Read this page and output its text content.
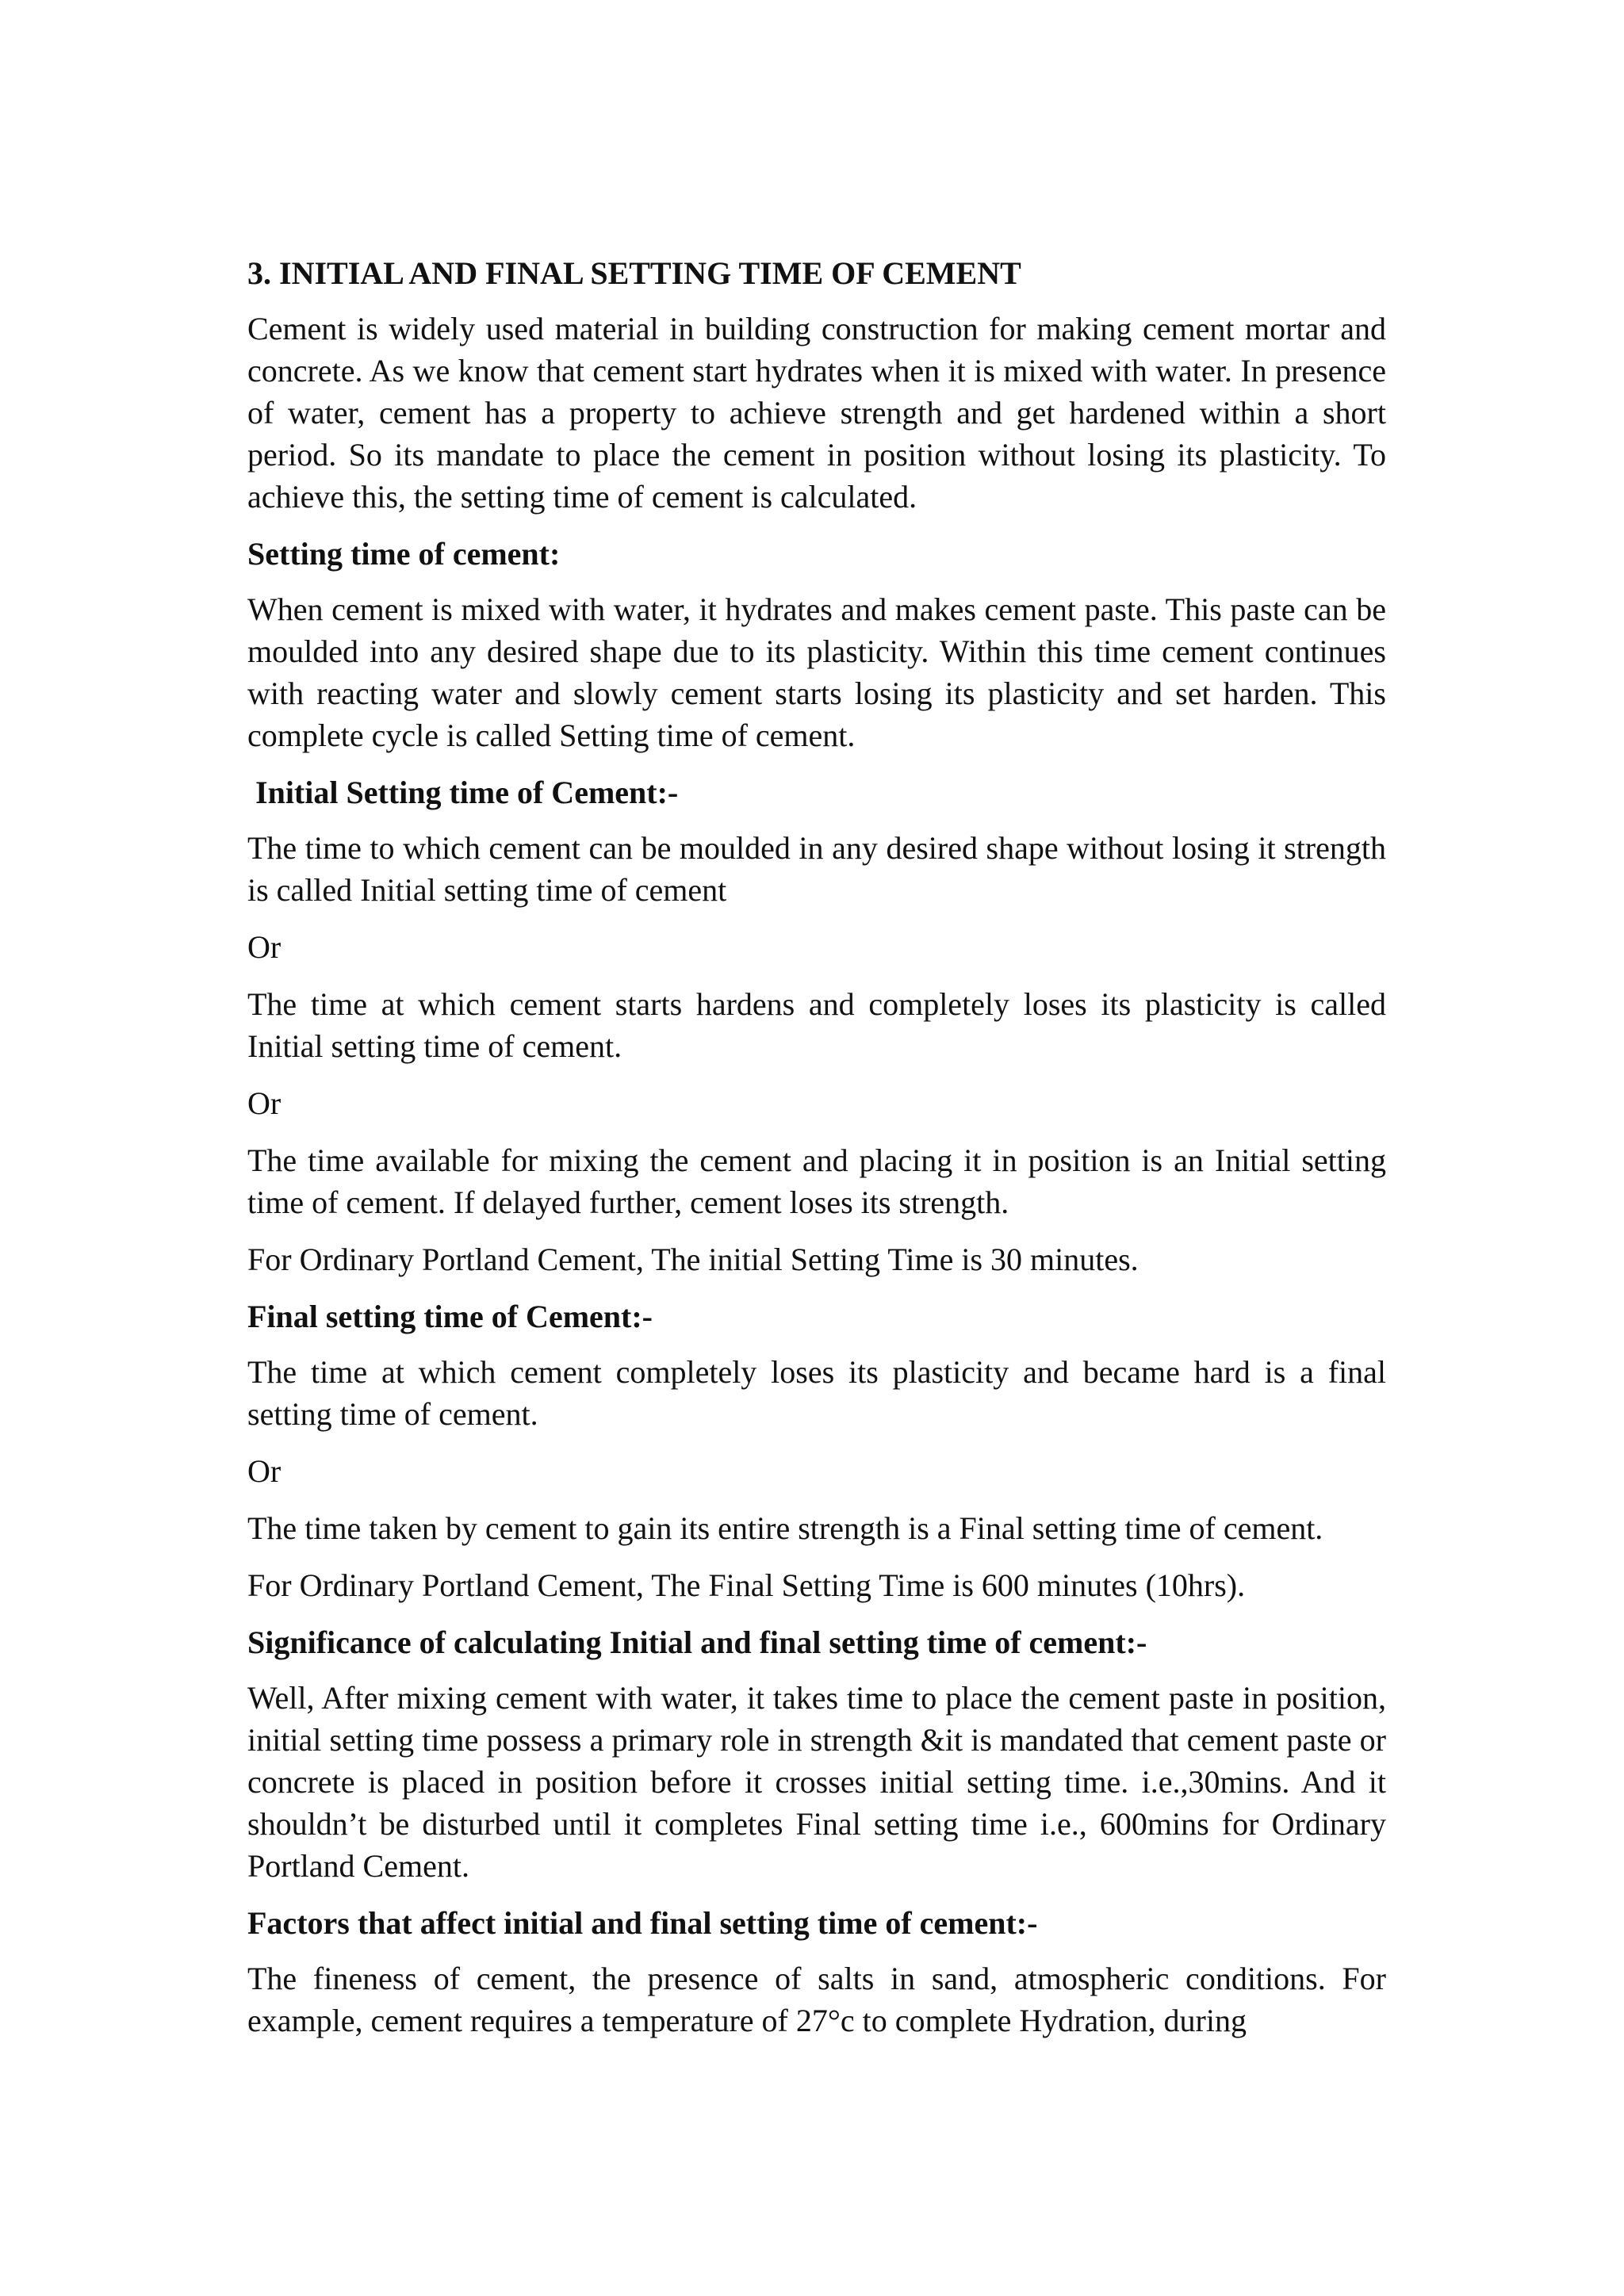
3. INITIAL AND FINAL SETTING TIME OF CEMENT
Cement is widely used material in building construction for making cement mortar and concrete. As we know that cement start hydrates when it is mixed with water. In presence of water, cement has a property to achieve strength and get hardened within a short period. So its mandate to place the cement in position without losing its plasticity. To achieve this, the setting time of cement is calculated.
Setting time of cement:
When cement is mixed with water, it hydrates and makes cement paste. This paste can be moulded into any desired shape due to its plasticity. Within this time cement continues with reacting water and slowly cement starts losing its plasticity and set harden. This complete cycle is called Setting time of cement.
Initial Setting time of Cement:-
The time to which cement can be moulded in any desired shape without losing it strength is called Initial setting time of cement
Or
The time at which cement starts hardens and completely loses its plasticity is called Initial setting time of cement.
Or
The time available for mixing the cement and placing it in position is an Initial setting time of cement. If delayed further, cement loses its strength.
For Ordinary Portland Cement, The initial Setting Time is 30 minutes.
Final setting time of Cement:-
The time at which cement completely loses its plasticity and became hard is a final setting time of cement.
Or
The time taken by cement to gain its entire strength is a Final setting time of cement.
For Ordinary Portland Cement, The Final Setting Time is 600 minutes (10hrs).
Significance of calculating Initial and final setting time of cement:-
Well, After mixing cement with water, it takes time to place the cement paste in position, initial setting time possess a primary role in strength &it is mandated that cement paste or concrete is placed in position before it crosses initial setting time. i.e.,30mins. And it shouldn’t be disturbed until it completes Final setting time i.e., 600mins for Ordinary Portland Cement.
Factors that affect initial and final setting time of cement:-
The fineness of cement, the presence of salts in sand, atmospheric conditions. For example, cement requires a temperature of 27°c to complete Hydration, during
